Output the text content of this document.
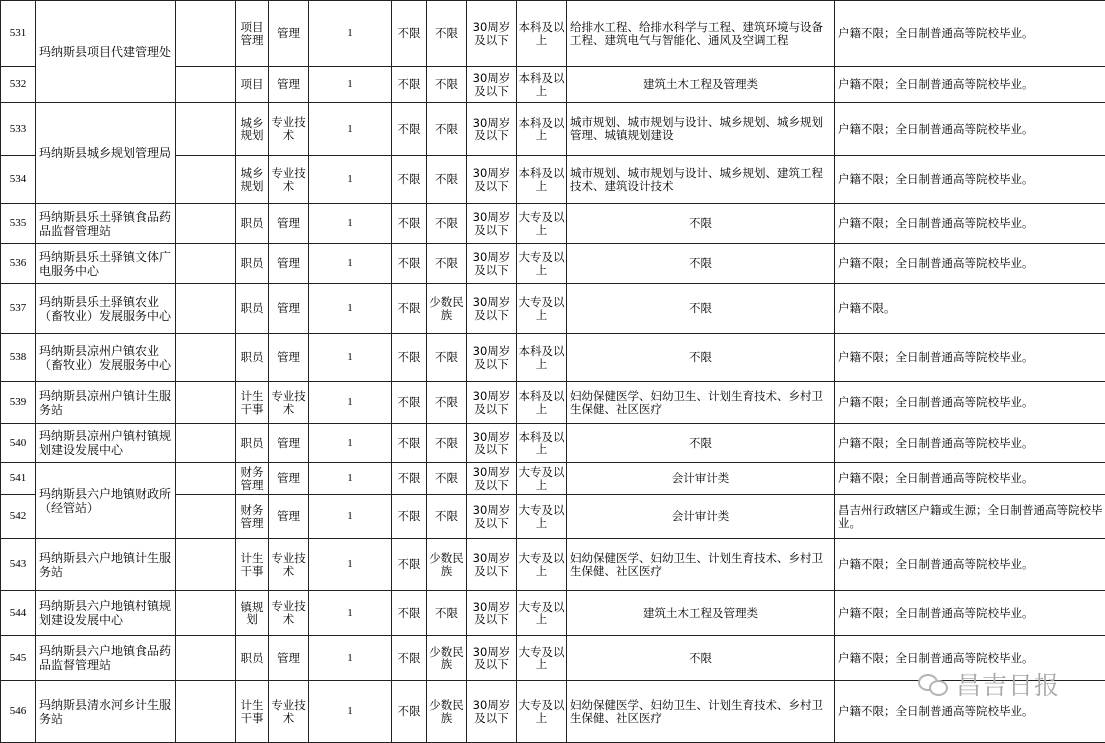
531	玛纳斯县项目代建管理处		项目管理	管理	1	不限	不限	30周岁及以下	本科及以上	给排水工程、给排水科学与工程、建筑环境与设备工程、建筑电气与智能化、通风及空调工程	户籍不限；全日制普通高等院校毕业。
532			项目	管理	1	不限	不限	30周岁及以下	本科及以上	建筑土木工程及管理类	户籍不限；全日制普通高等院校毕业。
533	玛纳斯县城乡规划管理局		城乡规划	专业技术	1	不限	不限	30周岁及以下	本科及以上	城市规划、城市规划与设计、城乡规划、城乡规划管理、城镇规划建设	户籍不限；全日制普通高等院校毕业。
534			城乡规划	专业技术	1	不限	不限	30周岁及以下	本科及以上	城市规划、城市规划与设计、城乡规划、建筑工程技术、建筑设计技术	户籍不限；全日制普通高等院校毕业。
535	玛纳斯县乐土驿镇食品药品监督管理站		职员	管理	1	不限	不限	30周岁及以下	大专及以上	不限	户籍不限；全日制普通高等院校毕业。
536	玛纳斯县乐土驿镇文体广电服务中心		职员	管理	1	不限	不限	30周岁及以下	大专及以上	不限	户籍不限；全日制普通高等院校毕业。
537	玛纳斯县乐土驿镇农业（畜牧业）发展服务中心		职员	管理	1	不限	少数民族	30周岁及以下	大专及以上	不限	户籍不限。
538	玛纳斯县凉州户镇农业（畜牧业）发展服务中心		职员	管理	1	不限	不限	30周岁及以下	本科及以上	不限	户籍不限；全日制普通高等院校毕业。
539	玛纳斯县凉州户镇计生服务站		计生干事	专业技术	1	不限	不限	30周岁及以下	本科及以上	妇幼保健医学、妇幼卫生、计划生育技术、乡村卫生保健、社区医疗	户籍不限；全日制普通高等院校毕业。
540	玛纳斯县凉州户镇村镇规划建设发展中心		职员	管理	1	不限	不限	30周岁及以下	本科及以上	不限	户籍不限；全日制普通高等院校毕业。
541	玛纳斯县六户地镇财政所（经管站）		财务管理	管理	1	不限	不限	30周岁及以下	大专及以上	会计审计类	户籍不限；全日制普通高等院校毕业。
542			财务管理	管理	1	不限	不限	30周岁及以下	大专及以上	会计审计类	昌吉州行政辖区户籍或生源；全日制普通高等院校毕业。
543	玛纳斯县六户地镇计生服务站		计生干事	专业技术	1	不限	少数民族	30周岁及以下	大专及以上	妇幼保健医学、妇幼卫生、计划生育技术、乡村卫生保健、社区医疗	户籍不限；全日制普通高等院校毕业。
544	玛纳斯县六户地镇村镇规划建设发展中心		镇规划	专业技术	1	不限	不限	30周岁及以下	大专及以上	建筑土木工程及管理类	户籍不限；全日制普通高等院校毕业。
545	玛纳斯县六户地镇食品药品监督管理站		职员	管理	1	不限	少数民族	30周岁及以下	大专及以上	不限	户籍不限；全日制普通高等院校毕业。
546	玛纳斯县清水河乡计生服务站		计生干事	专业技术	1	不限	少数民族	30周岁及以下	大专及以上	妇幼保健医学、妇幼卫生、计划生育技术、乡村卫生保健、社区医疗	户籍不限；全日制普通高等院校毕业。
昌吉日报
